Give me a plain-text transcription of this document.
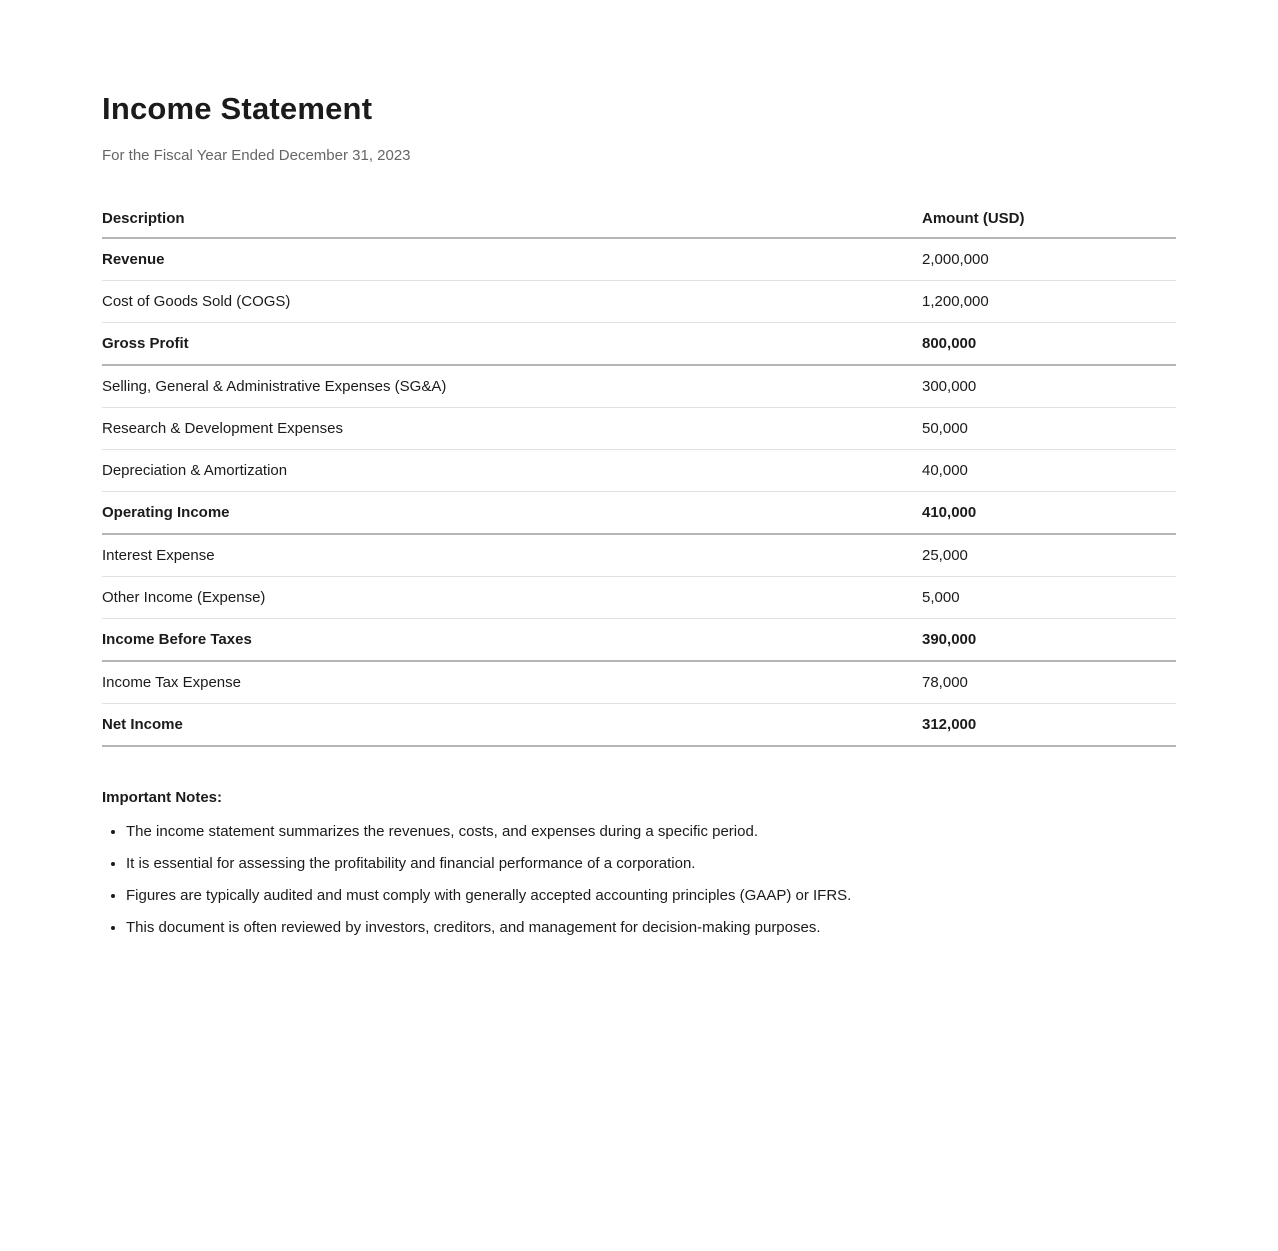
Income Statement
For the Fiscal Year Ended December 31, 2023
Description	Amount (USD)
Revenue	2,000,000
Cost of Goods Sold (COGS)	1,200,000
Gross Profit	800,000
Selling, General & Administrative Expenses (SG&A)	300,000
Research & Development Expenses	50,000
Depreciation & Amortization	40,000
Operating Income	410,000
Interest Expense	25,000
Other Income (Expense)	5,000
Income Before Taxes	390,000
Income Tax Expense	78,000
Net Income	312,000
Important Notes:
• The income statement summarizes the revenues, costs, and expenses during a specific period.
• It is essential for assessing the profitability and financial performance of a corporation.
• Figures are typically audited and must comply with generally accepted accounting principles (GAAP) or IFRS.
• This document is often reviewed by investors, creditors, and management for decision-making purposes.
